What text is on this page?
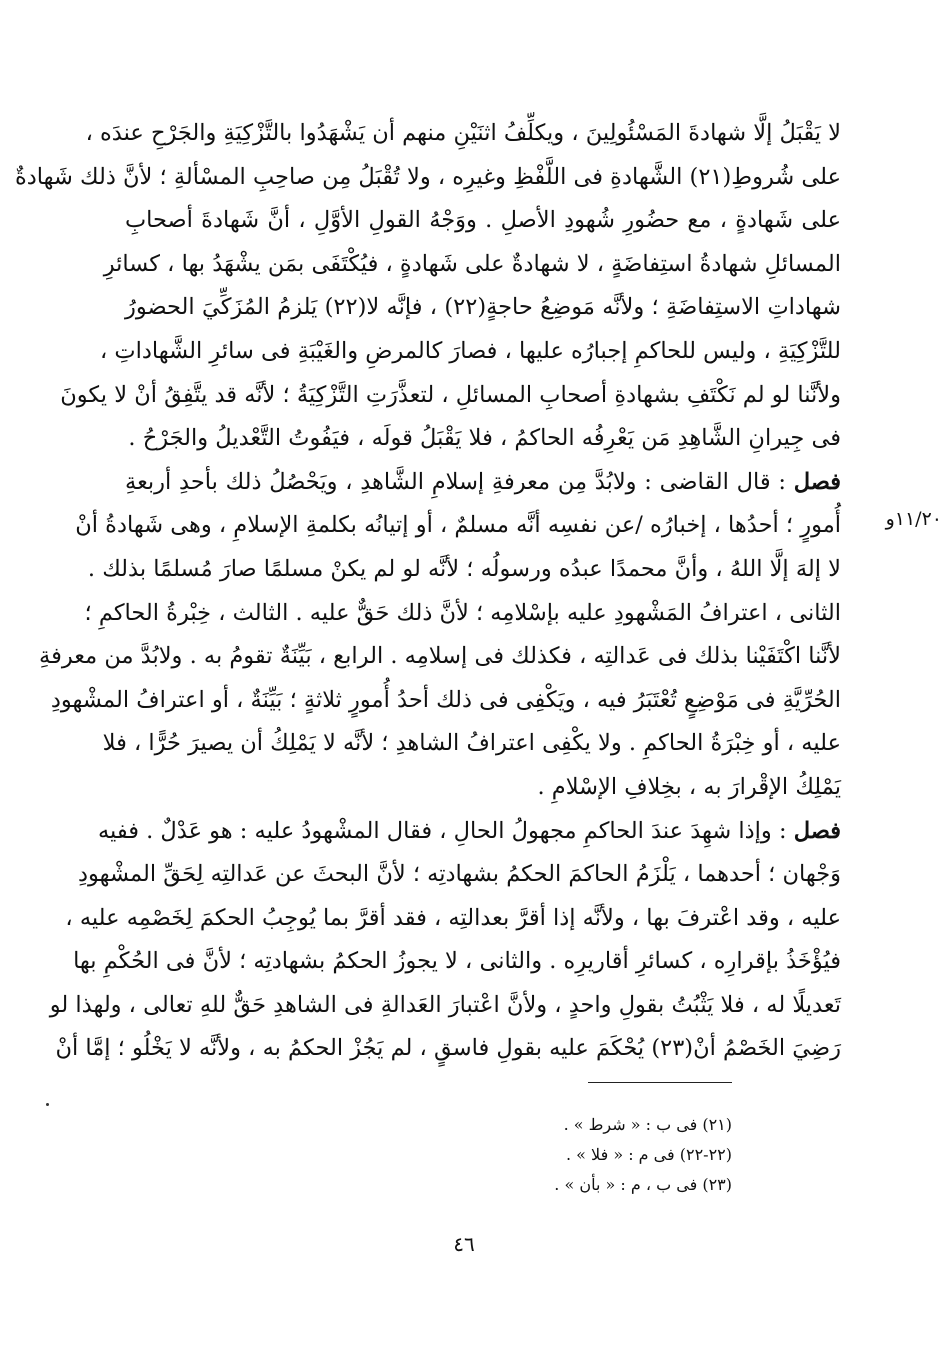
لا يَقْبَلُ إلَّا شهادةَ المَسْئُولِينَ ، ويكلِّفُ اثنَيْنِ منهم أن يَشْهَدُوا بالتَّزْكِيَةِ والجَرْحِ عندَه ،
على شُروطِ(٢١) الشَّهادةِ فى اللَّفْظِ وغيرِه ، ولا تُقْبَلُ مِن صاحِبِ المسْألةِ ؛ لأنَّ ذلك شَهادةٌ
على شَهادةٍ ، مع حضُورِ شُهودِ الأصلِ . ووَجْهُ القولِ الأوَّلِ ، أنَّ شَهادةَ أصحابِ
المسائلِ شهادةُ استِفاضَةٍ ، لا شهادةٌ على شَهادةٍ ، فيُكْتَفَى بمَن يشْهَدُ بها ، كسائرِ
شهاداتِ الاستِفاضَةِ ؛ ولأنَّه مَوضِعُ حاجةٍ(٢٢) ، فإنَّه لا(٢٢) يَلزمُ المُزَكِّيَ الحضورُ
للتَّزْكِيَةِ ، وليس للحاكمِ إجبارُه عليها ، فصارَ كالمرضِ والغَيْبَةِ فى سائرِ الشَّهاداتِ ،
ولأنَّنا لو لم نَكْتَفِ بشهادةِ أصحابِ المسائلِ ، لتعذَّرَتِ التَّزْكِيَةُ ؛ لأنَّه قد يتَّفِقُ أنْ لا يكونَ
فى جِيرانِ الشَّاهِدِ مَن يَعْرِفُه الحاكمُ ، فلا يَقْبَلُ قولَه ، فيَفُوتُ التَّعْديلُ والجَرْحُ .
فصل : قال القاضى : ولابُدَّ مِن معرفةِ إسلامِ الشَّاهدِ ، ويَحْصُلُ ذلك بأحدِ أربعةِ
أُمورٍ ؛ أحدُها ، إخبارُه /عن نفسِه أنَّه مسلمٌ ، أو إتيانُه بكلمةِ الإسلامِ ، وهى شَهادةُ أنْ
لا إلهَ إلَّا اللهُ ، وأنَّ محمدًا عبدُه ورسولُه ؛ لأنَّه لو لم يكنْ مسلمًا صارَ مُسلمًا بذلك .
الثانى ، اعترافُ المَشْهودِ عليه بإسْلامِه ؛ لأنَّ ذلك حَقٌّ عليه . الثالث ، خِبْرةُ الحاكمِ ؛
لأنَّنا اكْتَفَيْنا بذلك فى عَدالتِه ، فكذلك فى إسلامِه . الرابع ، بَيِّنَةٌ تقومُ به . ولابُدَّ من معرفةِ
الحُرِّيَّةِ فى مَوْضِعٍ تُعْتَبَرُ فيه ، ويَكْفِى فى ذلك أحدُ أُمورٍ ثلاثةٍ ؛ بَيِّنَةٌ ، أو اعترافُ المشْهودِ
عليه ، أو خِبْرَةُ الحاكمِ . ولا يكْفِى اعترافُ الشاهدِ ؛ لأنَّه لا يَمْلِكُ أن يصيرَ حُرًّا ، فلا
يَمْلِكُ الإقْرارَ به ، بخِلافِ الإسْلامِ .
فصل : وإذا شهِدَ عندَ الحاكمِ مجهولُ الحالِ ، فقال المشْهودُ عليه : هو عَدْلٌ . ففيه
وَجْهان ؛ أحدهما ، يَلْزَمُ الحاكمَ الحكمُ بشهادتِه ؛ لأنَّ البحثَ عن عَدالتِه لِحَقِّ المشْهودِ
عليه ، وقد اعْترفَ بها ، ولأنَّه إذا أقرَّ بعدالتِه ، فقد أقرَّ بما يُوجِبُ الحكمَ لِخَصْمِه عليه ،
فيُؤْخَذُ بإقرارِه ، كسائرِ أقاريرِه . والثانى ، لا يجوزُ الحكمُ بشهادتِه ؛ لأنَّ فى الحُكْمِ بها
تَعديلًا له ، فلا يَثْبُتُ بقولِ واحدٍ ، ولأنَّ اعْتبارَ العَدالةِ فى الشاهدِ حَقٌّ للهِ تعالى ، ولهذا لو
رَضِيَ الخَصْمُ أنْ(٢٣) يُحْكَمَ عليه بقولِ فاسقٍ ، لم يَجُزْ الحكمُ به ، ولأنَّه لا يَخْلُو ؛ إمَّا أنْ
١١/٢٠و
(٢١) فى ب : « شرط » .
(٢٢-٢٢) فى م : « فلا » .
(٢٣) فى ب ، م : « بأن » .
٤٦
